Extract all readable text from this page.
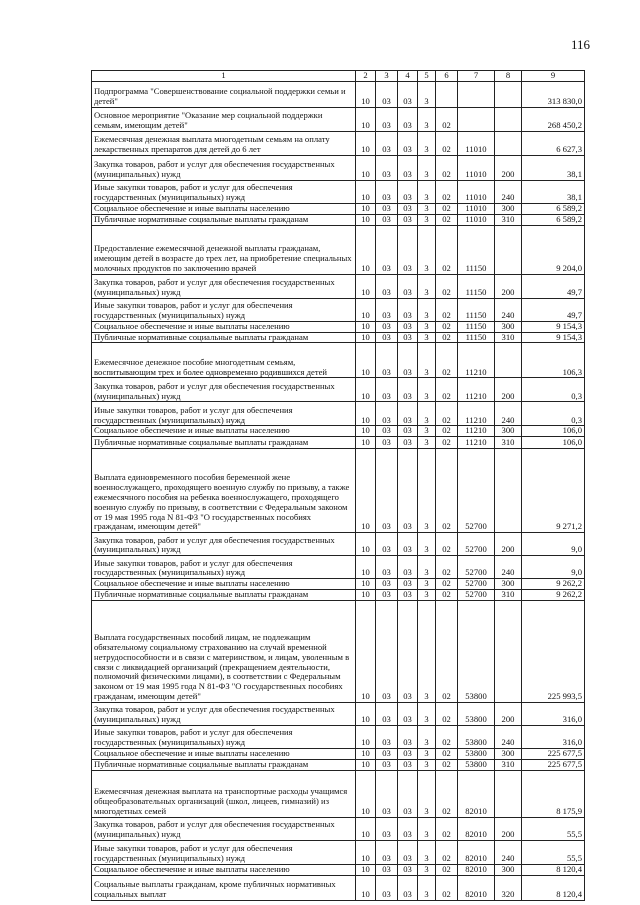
116
1	2	3	4	5	6	7	8	9
Подпрограмма "Совершенствование социальной поддержки семьи и детей"	10	03	03	3				313 830,0
Основное мероприятие "Оказание мер социальной поддержки семьям, имеющим детей"	10	03	03	3	02			268 450,2
Ежемесячная денежная выплата многодетным семьям на оплату лекарственных препаратов для детей до 6 лет	10	03	03	3	02	11010		6 627,3
Закупка товаров, работ и услуг для обеспечения государственных (муниципальных) нужд	10	03	03	3	02	11010	200	38,1
Иные закупки товаров, работ и услуг для обеспечения государственных (муниципальных) нужд	10	03	03	3	02	11010	240	38,1
Социальное обеспечение и иные выплаты населению	10	03	03	3	02	11010	300	6 589,2
Публичные нормативные социальные выплаты гражданам	10	03	03	3	02	11010	310	6 589,2
Предоставление ежемесячной денежной выплаты гражданам, имеющим детей в возрасте до трех лет, на приобретение специальных молочных продуктов по заключению врачей	10	03	03	3	02	11150		9 204,0
Закупка товаров, работ и услуг для обеспечения государственных (муниципальных) нужд	10	03	03	3	02	11150	200	49,7
Иные закупки товаров, работ и услуг для обеспечения государственных (муниципальных) нужд	10	03	03	3	02	11150	240	49,7
Социальное обеспечение и иные выплаты населению	10	03	03	3	02	11150	300	9 154,3
Публичные нормативные социальные выплаты гражданам	10	03	03	3	02	11150	310	9 154,3
Ежемесячное денежное пособие многодетным семьям, воспитывающим трех и более одновременно родившихся детей	10	03	03	3	02	11210		106,3
Закупка товаров, работ и услуг для обеспечения государственных (муниципальных) нужд	10	03	03	3	02	11210	200	0,3
Иные закупки товаров, работ и услуг для обеспечения государственных (муниципальных) нужд	10	03	03	3	02	11210	240	0,3
Социальное обеспечение и иные выплаты населению	10	03	03	3	02	11210	300	106,0
Публичные нормативные социальные выплаты гражданам	10	03	03	3	02	11210	310	106,0
Выплата единовременного пособия беременной жене военнослужащего, проходящего военную службу по призыву, а также ежемесячного пособия на ребенка военнослужащего, проходящего военную службу по призыву, в соответствии с Федеральным законом от 19 мая 1995 года N 81-ФЗ "О государственных пособиях гражданам, имеющим детей"	10	03	03	3	02	52700		9 271,2
Закупка товаров, работ и услуг для обеспечения государственных (муниципальных) нужд	10	03	03	3	02	52700	200	9,0
Иные закупки товаров, работ и услуг для обеспечения государственных (муниципальных) нужд	10	03	03	3	02	52700	240	9,0
Социальное обеспечение и иные выплаты населению	10	03	03	3	02	52700	300	9 262,2
Публичные нормативные социальные выплаты гражданам	10	03	03	3	02	52700	310	9 262,2
Выплата государственных пособий лицам, не подлежащим обязательному социальному страхованию на случай временной нетрудоспособности и в связи с материнством, и лицам, уволенным в связи с ликвидацией организаций (прекращением деятельности, полномочий физическими лицами), в соответствии с Федеральным законом от 19 мая 1995 года N 81-ФЗ "О государственных пособиях гражданам, имеющим детей"	10	03	03	3	02	53800		225 993,5
Закупка товаров, работ и услуг для обеспечения государственных (муниципальных) нужд	10	03	03	3	02	53800	200	316,0
Иные закупки товаров, работ и услуг для обеспечения государственных (муниципальных) нужд	10	03	03	3	02	53800	240	316,0
Социальное обеспечение и иные выплаты населению	10	03	03	3	02	53800	300	225 677,5
Публичные нормативные социальные выплаты гражданам	10	03	03	3	02	53800	310	225 677,5
Ежемесячная денежная выплата на транспортные расходы учащимся общеобразовательных организаций (школ, лицеев, гимназий) из многодетных семей	10	03	03	3	02	82010		8 175,9
Закупка товаров, работ и услуг для обеспечения государственных (муниципальных) нужд	10	03	03	3	02	82010	200	55,5
Иные закупки товаров, работ и услуг для обеспечения государственных (муниципальных) нужд	10	03	03	3	02	82010	240	55,5
Социальное обеспечение и иные выплаты населению	10	03	03	3	02	82010	300	8 120,4
Социальные выплаты гражданам, кроме публичных нормативных социальных выплат	10	03	03	3	02	82010	320	8 120,4
